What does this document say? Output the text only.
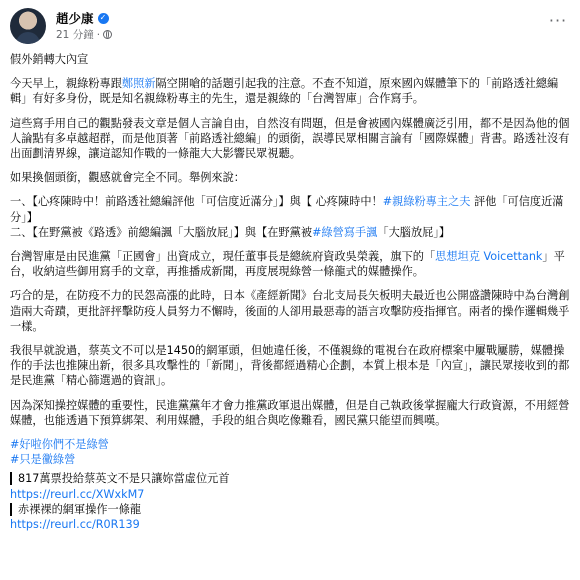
趙少康 ✓
21 分鐘 ·
···

假外銷轉大內宣

今天早上，親綠粉專跟鄭照新隔空開嗆的話題引起我的注意。不查不知道，原來國內媒體筆下的「前路透社總編輯」有好多身份，既是知名親綠粉專主的先生，還是親綠的「台灣智庫」合作寫手。

這些寫手用自己的觀點發表文章是個人言論自由，自然沒有問題，但是會被國內媒體廣泛引用，都不是因為他的個人論點有多卓越超群，而是他頂著「前路透社總編」的頭銜，誤導民眾相關言論有「國際媒體」背書。路透社沒有出面劃清界線，讓這認知作戰的一條龍大大影響民眾視聽。

如果換個頭銜，觀感就會完全不同。舉例來說：

一、【心疼陳時中！前路透社總編評他「可信度近滿分」】與【 心疼陳時中！#親綠粉專主之夫 評他「可信度近滿分」】

二、【在野黨被《路透》前總編諷「大腦放屁」】與【在野黨被#綠營寫手諷「大腦放屁」】

台灣智庫是由民進黨「正國會」出資成立，現任董事長是總統府資政吳榮義，旗下的「思想坦克 Voicettank」平台，收納這些御用寫手的文章，再推播成新聞，再度展現綠營一條龍式的媒體操作。

巧合的是，在防疫不力的民怨高漲的此時，日本《產經新聞》台北支局長矢板明夫最近也公開盛讚陳時中為台灣創造兩大奇蹟，更批評抨擊防疫人員努力不懈時，後面的人卻用最惡毒的語言攻擊防疫指揮官。兩者的操作邏輯幾乎一樣。

我很早就說過，蔡英文不可以是1450的網軍頭，但她違任後，不僅親綠的電視台在政府標案中屢戰屢勝，媒體操作的手法也推陳出新，很多具攻擊性的「新聞」，背後都經過精心企劃，本質上根本是「內宣」，讓民眾接收到的都是民進黨「精心篩選過的資訊」。

因為深知操控媒體的重要性，民進黨黨年才會力推黨政軍退出媒體，但是自己執政後掌握龐大行政資源，不用經營媒體，也能透過下預算綁架、利用媒體，手段的組合與吃像難看，國民黨只能望而興嘆。

#好啦你們不是綠營

#只是黴綠營

817萬票投給蔡英文不是只讓妳當虛位元首

https://reurl.cc/XWxkM7

赤裸裸的網軍操作一條龍

https://reurl.cc/R0R139
